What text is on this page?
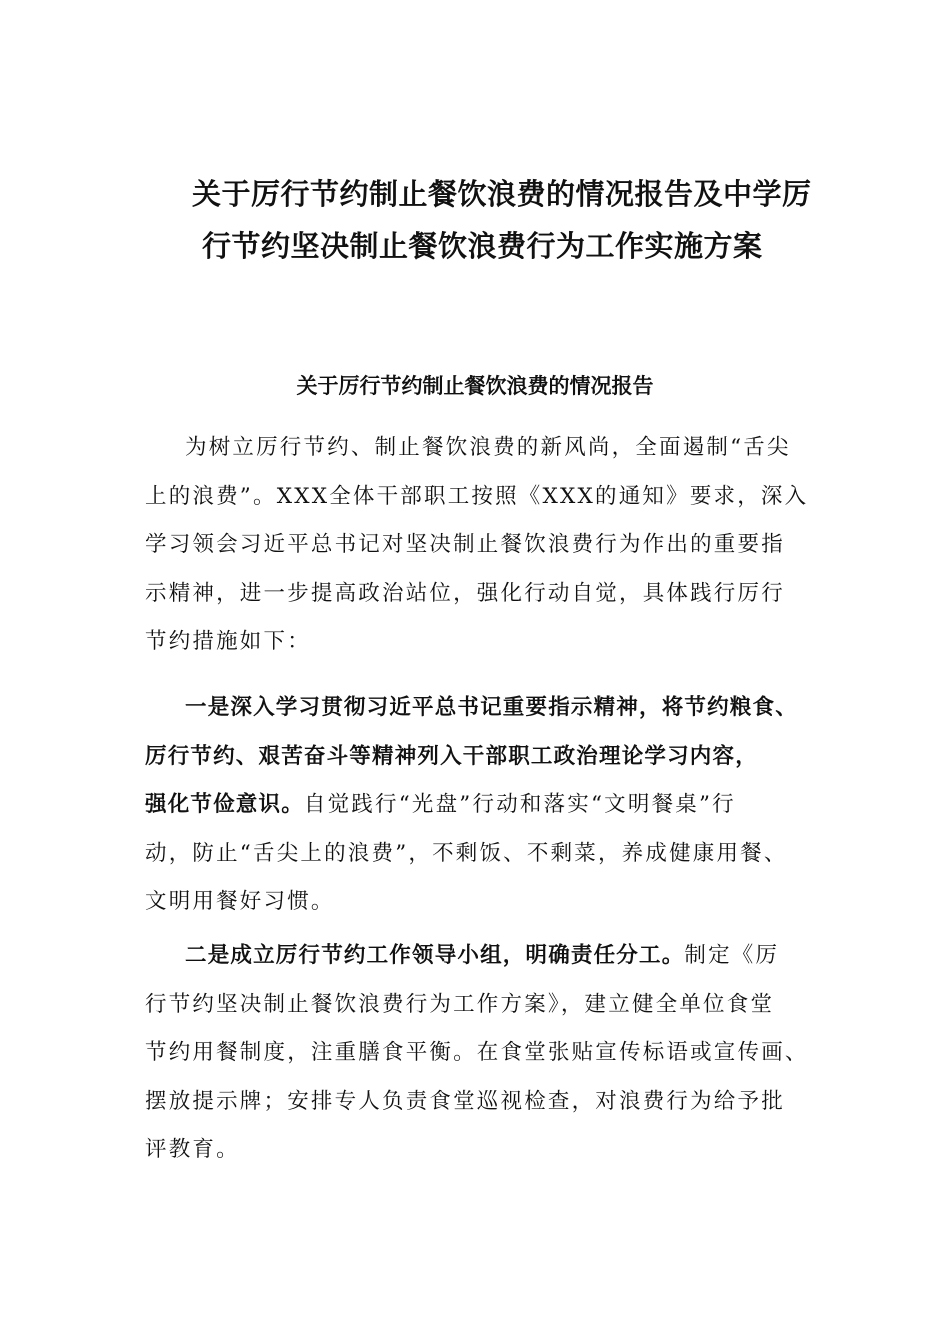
关于厉行节约制止餐饮浪费的情况报告及中学厉
行节约坚决制止餐饮浪费行为工作实施方案
关于厉行节约制止餐饮浪费的情况报告
为树立厉行节约、制止餐饮浪费的新风尚，全面遏制“舌尖
上的浪费”。XXX全体干部职工按照《XXX的通知》要求，深入
学习领会习近平总书记对坚决制止餐饮浪费行为作出的重要指
示精神，进一步提高政治站位，强化行动自觉，具体践行厉行
节约措施如下：
一是深入学习贯彻习近平总书记重要指示精神，将节约粮食、
厉行节约、艰苦奋斗等精神列入干部职工政治理论学习内容，
强化节俭意识。自觉践行“光盘”行动和落实“文明餐桌”行
动，防止“舌尖上的浪费”，不剩饭、不剩菜，养成健康用餐、
文明用餐好习惯。
二是成立厉行节约工作领导小组，明确责任分工。制定《厉
行节约坚决制止餐饮浪费行为工作方案》，建立健全单位食堂
节约用餐制度，注重膳食平衡。在食堂张贴宣传标语或宣传画、
摆放提示牌；安排专人负责食堂巡视检查，对浪费行为给予批
评教育。
